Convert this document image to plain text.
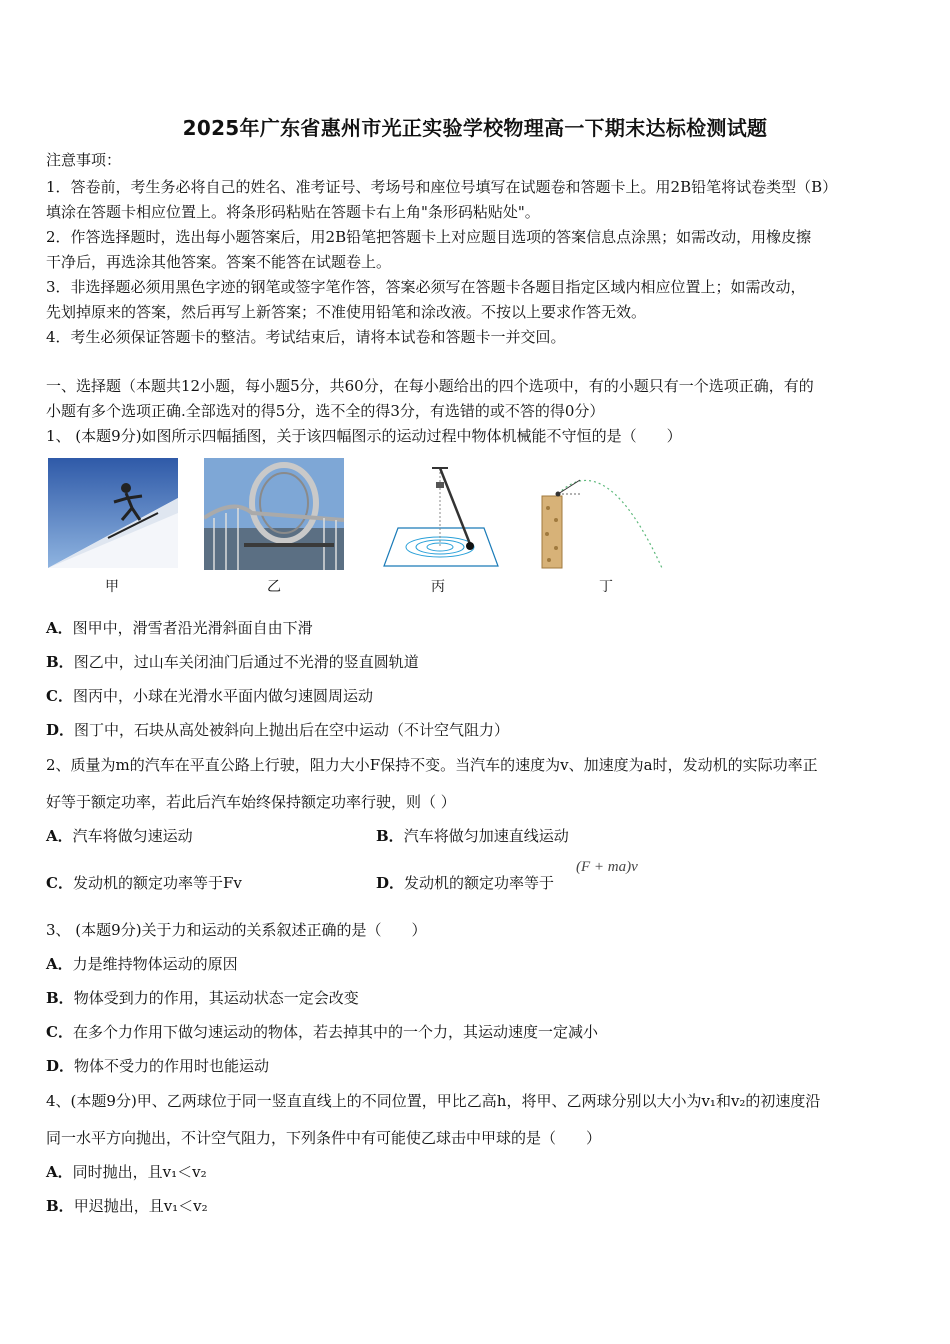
2025年广东省惠州市光正实验学校物理高一下期末达标检测试题
注意事项：
1．答卷前，考生务必将自己的姓名、准考证号、考场号和座位号填写在试题卷和答题卡上。用2B铅笔将试卷类型（B）
填涂在答题卡相应位置上。将条形码粘贴在答题卡右上角"条形码粘贴处"。
2．作答选择题时，选出每小题答案后，用2B铅笔把答题卡上对应题目选项的答案信息点涂黑；如需改动，用橡皮擦
干净后，再选涂其他答案。答案不能答在试题卷上。
3．非选择题必须用黑色字迹的钢笔或签字笔作答，答案必须写在答题卡各题目指定区域内相应位置上；如需改动，
先划掉原来的答案，然后再写上新答案；不准使用铅笔和涂改液。不按以上要求作答无效。
4．考生必须保证答题卡的整洁。考试结束后，请将本试卷和答题卡一并交回。
一、选择题（本题共12小题，每小题5分，共60分，在每小题给出的四个选项中，有的小题只有一个选项正确，有的
小题有多个选项正确.全部选对的得5分，选不全的得3分，有选错的或不答的得0分）
1、 (本题9分)如图所示四幅插图，关于该四幅图示的运动过程中物体机械能不守恒的是（　　）
甲	乙	丙	丁
A．图甲中，滑雪者沿光滑斜面自由下滑
B．图乙中，过山车关闭油门后通过不光滑的竖直圆轨道
C．图丙中，小球在光滑水平面内做匀速圆周运动
D．图丁中，石块从高处被斜向上抛出后在空中运动（不计空气阻力）
2、质量为m的汽车在平直公路上行驶，阻力大小F保持不变。当汽车的速度为v、加速度为a时，发动机的实际功率正
好等于额定功率，若此后汽车始终保持额定功率行驶，则（ ）
A．汽车将做匀速运动	B．汽车将做匀加速直线运动
C．发动机的额定功率等于Fv	D．发动机的额定功率等于
(F + ma)v
3、 (本题9分)关于力和运动的关系叙述正确的是（　　）
A．力是维持物体运动的原因
B．物体受到力的作用，其运动状态一定会改变
C．在多个力作用下做匀速运动的物体，若去掉其中的一个力，其运动速度一定减小
D．物体不受力的作用时也能运动
4、(本题9分)甲、乙两球位于同一竖直直线上的不同位置，甲比乙高h，将甲、乙两球分别以大小为v₁和v₂的初速度沿
同一水平方向抛出，不计空气阻力，下列条件中有可能使乙球击中甲球的是（　　）
A．同时抛出，且v₁＜v₂
B．甲迟抛出，且v₁＜v₂
